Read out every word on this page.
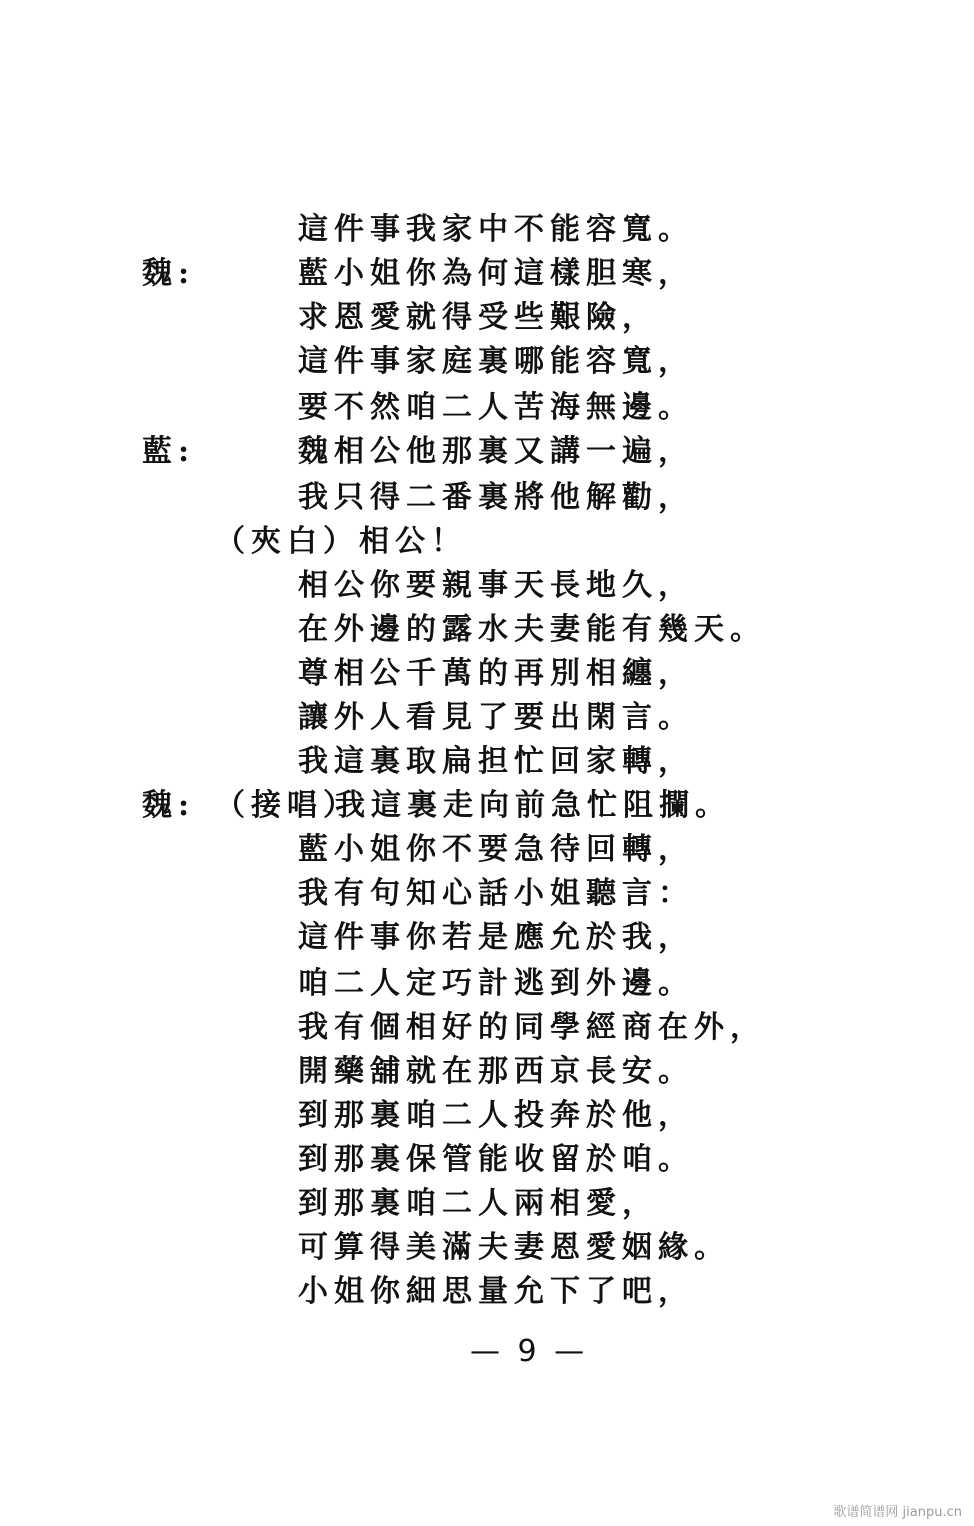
這件事我家中不能容寬。
魏:	藍小姐你為何這樣胆寒，
求恩愛就得受些艱險，
這件事家庭裏哪能容寬，
要不然咱二人苦海無邊。
藍:	魏相公他那裏又講一遍，
我只得二番裏將他解勸，
（夾白）相公！
相公你要親事天長地久，
在外邊的露水夫妻能有幾天。
尊相公千萬的再別相纏，
讓外人看見了要出閑言。
我這裏取扁担忙回家轉，
魏: （接唱）
我這裏走向前急忙阻攔。
藍小姐你不要急待回轉，
我有句知心話小姐聽言：
這件事你若是應允於我，
咱二人定巧計逃到外邊。
我有個相好的同學經商在外，
開藥舖就在那西京長安。
到那裏咱二人投奔於他，
到那裏保管能收留於咱。
到那裏咱二人兩相愛，
可算得美滿夫妻恩愛姻緣。
小姐你細思量允下了吧，
— 9 —
歌谱简谱网 jianpu.cn
